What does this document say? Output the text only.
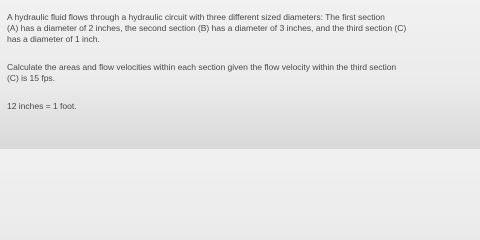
A hydraulic fluid flows through a hydraulic circuit with three different sized diameters: The first section
(A) has a diameter of 2 inches, the second section (B) has a diameter of 3 inches, and the third section (C)
has a diameter of 1 inch.

Calculate the areas and flow velocities within each section given the flow velocity within the third section
(C) is 15 fps.

12 inches = 1 foot.
